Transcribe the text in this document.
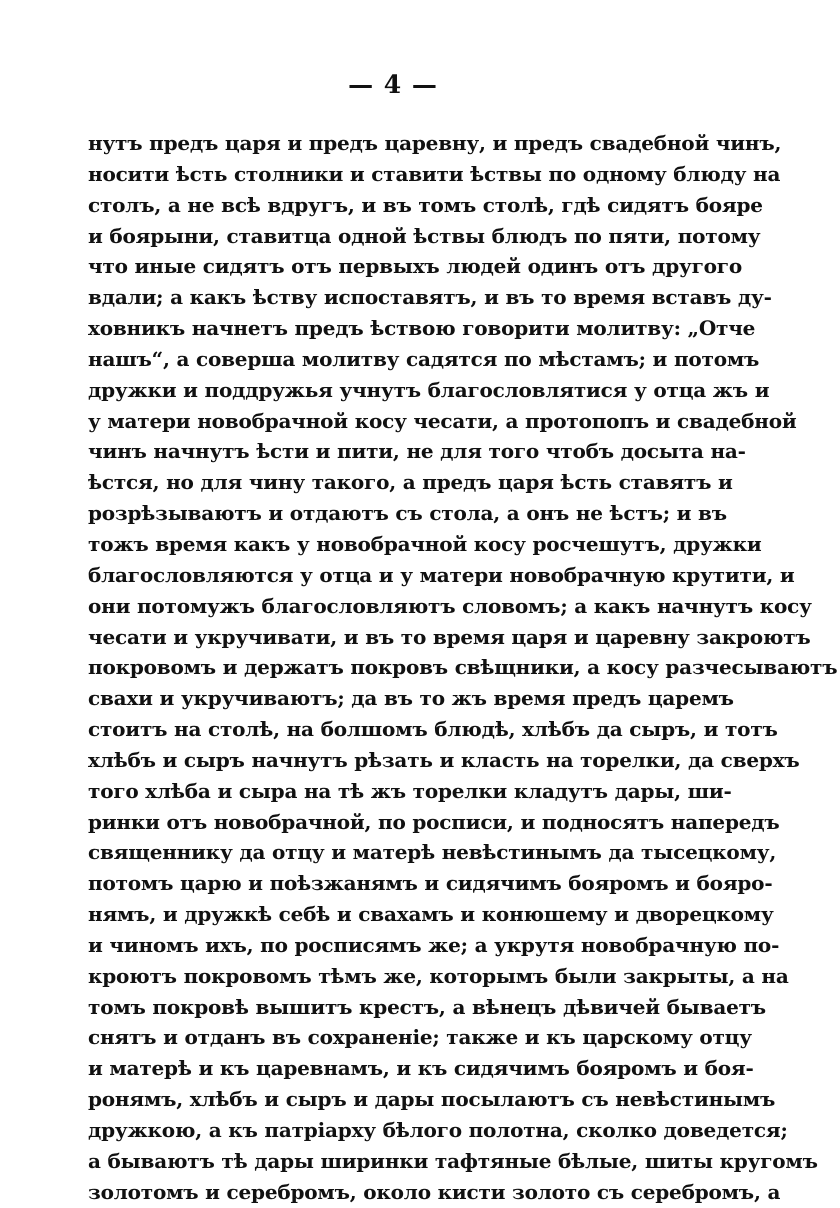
— 4 —
нутъ предъ царя и предъ царевну, и предъ свадебной чинъ,
носити ѣсть столники и ставити ѣствы по одному блюду на
столъ, а не всѣ вдругъ, и въ томъ столѣ, гдѣ сидятъ бояре
и боярыни, ставитца одной ѣствы блюдъ по пяти, потому
что иные сидятъ отъ первыхъ людей одинъ отъ другого
вдали; а какъ ѣству испоставятъ, и въ то время вставъ ду-
ховникъ начнетъ предъ ѣствою говорити молитву: „Отче
нашъ“, а совершa молитву садятся по мѣстамъ; и потомъ
дружки и поддружья учнутъ благословлятися у отца жъ и
у матери новобрачной косу чесати, а протопопъ и свадебной
чинъ начнутъ ѣсти и пити, не для того чтобъ досыта на-
ѣстся, но для чину такого, а предъ царя ѣсть ставятъ и
розрѣзываютъ и отдаютъ съ стола, а онъ не ѣстъ; и въ
тожъ время какъ у новобрачной косу росчешутъ, дружки
благословляются у отца и у матери новобрачную крутити, и
они потомужъ благословляютъ словомъ; а какъ начнутъ косу
чесати и укручивати, и въ то время царя и царевну закроютъ
покровомъ и держатъ покровъ свѣщники, а косу разчесываютъ
свахи и укручиваютъ; да въ то жъ время предъ царемъ
стоитъ на столѣ, на болшомъ блюдѣ, хлѣбъ да сыръ, и тотъ
хлѣбъ и сыръ начнутъ рѣзать и класть на торелки, да сверхъ
того хлѣба и сыра на тѣ жъ торелки кладутъ дары, ши-
ринки отъ новобрачной, по росписи, и подносятъ напередъ
священнику да отцу и матерѣ невѣстинымъ да тысецкому,
потомъ царю и поѣзжанямъ и сидячимъ бояромъ и бояро-
нямъ, и дружкѣ себѣ и свахамъ и конюшему и дворецкому
и чиномъ ихъ, по росписямъ же; а укрутя новобрачную по-
кроютъ покровомъ тѣмъ же, которымъ были закрыты, а на
томъ покровѣ вышитъ крестъ, а вѣнецъ дѣвичей бываетъ
снятъ и отданъ въ сохраненіе; также и къ царскому отцу
и матерѣ и къ царевнамъ, и къ сидячимъ бояромъ и боя-
ронямъ, хлѣбъ и сыръ и дары посылаютъ съ невѣстинымъ
дружкою, а къ патріарху бѣлого полотна, сколко доведется;
а бываютъ тѣ дары ширинки тафтяные бѣлые, шиты кругомъ
золотомъ и серебромъ, около кисти золото съ серебромъ, а
